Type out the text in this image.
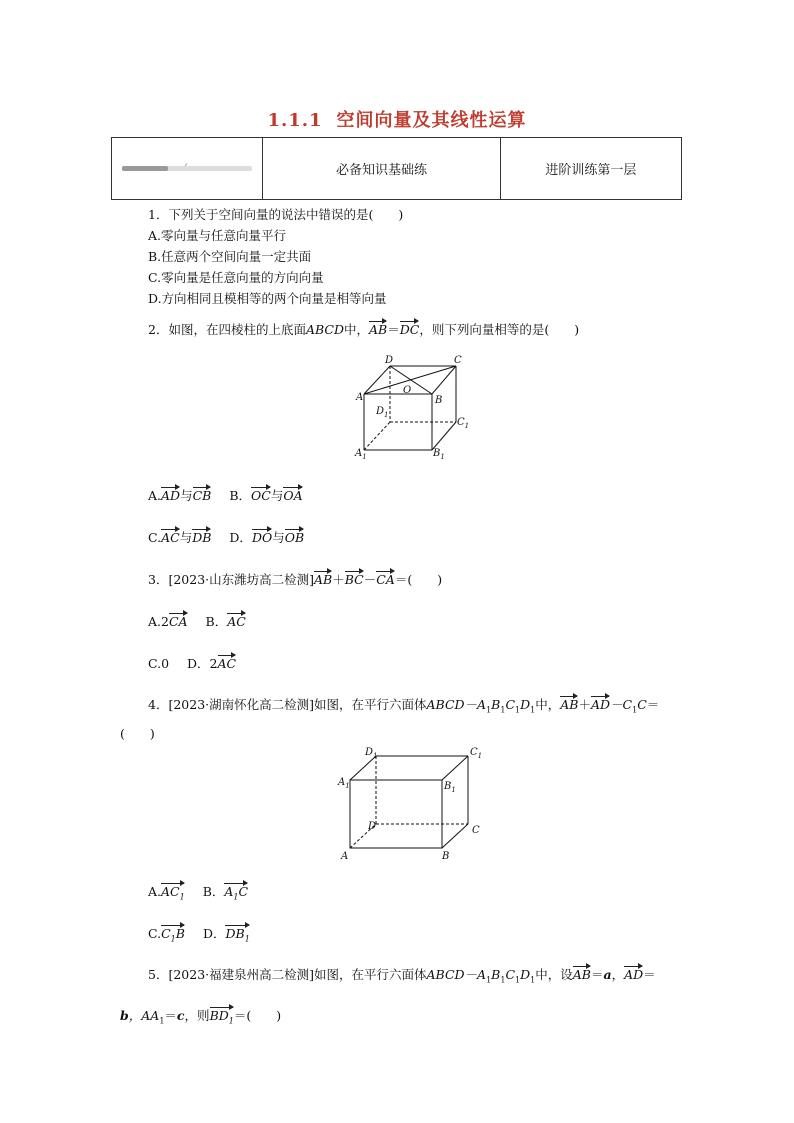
1.1.1 空间向量及其线性运算
必备知识基础练	进阶训练第一层
1．下列关于空间向量的说法中错误的是(　　)
A.零向量与任意向量平行
B.任意两个空间向量一定共面
C.零向量是任意向量的方向向量
D.方向相同且模相等的两个向量是相等向量
2．如图，在四棱柱的上底面ABCD中，AB＝DC，则下列向量相等的是(　　)
D	C
O
A	B
$D_1$
$C_1$
$A_1$	$B_1$
A.AD与CB B．OC与OA
C.AC与DB D．DO与OB
3．[2023·山东潍坊高二检测]AB＋BC－CA＝(　　)
A.2CA B．AC
C.0 D．2AC
4．[2023·湖南怀化高二检测]如图，在平行六面体$ABCD-A_1B_1C_1D_1$中，$AB+AD-C_1C=$
(　　)
$D_1$	$C_1$
$A_1$	$B_1$
D	C
A	B
$A.AC_1$ B．$A_1C$
$C.C_1B$ D．$DB_1$
5．[2023·福建泉州高二检测]如图，在平行六面体$ABCD-A_1B_1C_1D_1$中，设AB＝a，AD＝
b，$AA_1=c$，则$BD_1=$(　　)
